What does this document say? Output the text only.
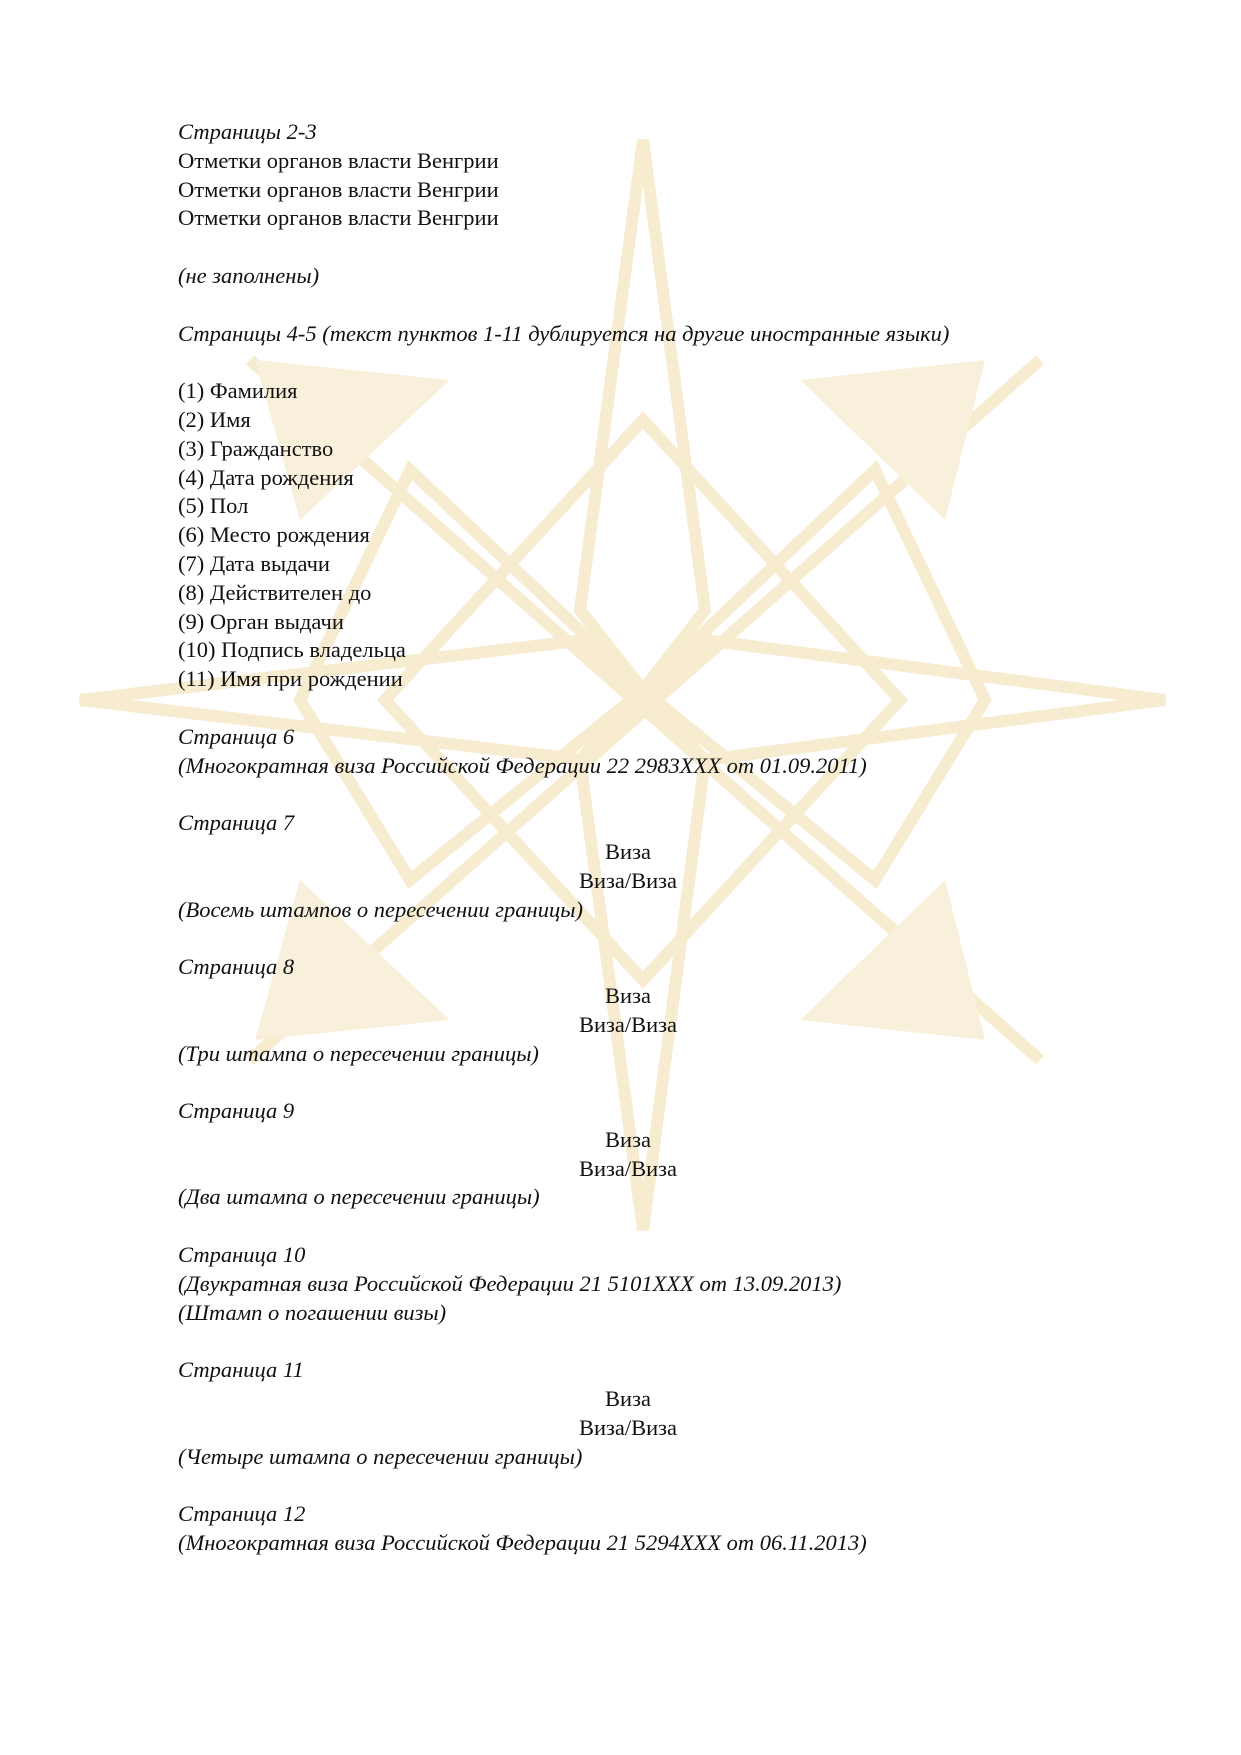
Страницы 2-3
Отметки органов власти Венгрии
Отметки органов власти Венгрии
Отметки органов власти Венгрии
(не заполнены)
Страницы 4-5 (текст пунктов 1-11 дублируется на другие иностранные языки)
(1) Фамилия
(2) Имя
(3) Гражданство
(4) Дата рождения
(5) Пол
(6) Место рождения
(7) Дата выдачи
(8) Действителен до
(9) Орган выдачи
(10) Подпись владельца
(11) Имя при рождении
Страница 6
(Многократная виза Российской Федерации 22 2983XXX от 01.09.2011)
Страница 7
Виза
Виза/Виза
(Восемь штампов о пересечении границы)
Страница 8
Виза
Виза/Виза
(Три штампа о пересечении границы)
Страница 9
Виза
Виза/Виза
(Два штампа о пересечении границы)
Страница 10
(Двукратная виза Российской Федерации 21 5101XXX от 13.09.2013)
(Штамп о погашении визы)
Страница 11
Виза
Виза/Виза
(Четыре штампа о пересечении границы)
Страница 12
(Многократная виза Российской Федерации 21 5294XXX от 06.11.2013)
